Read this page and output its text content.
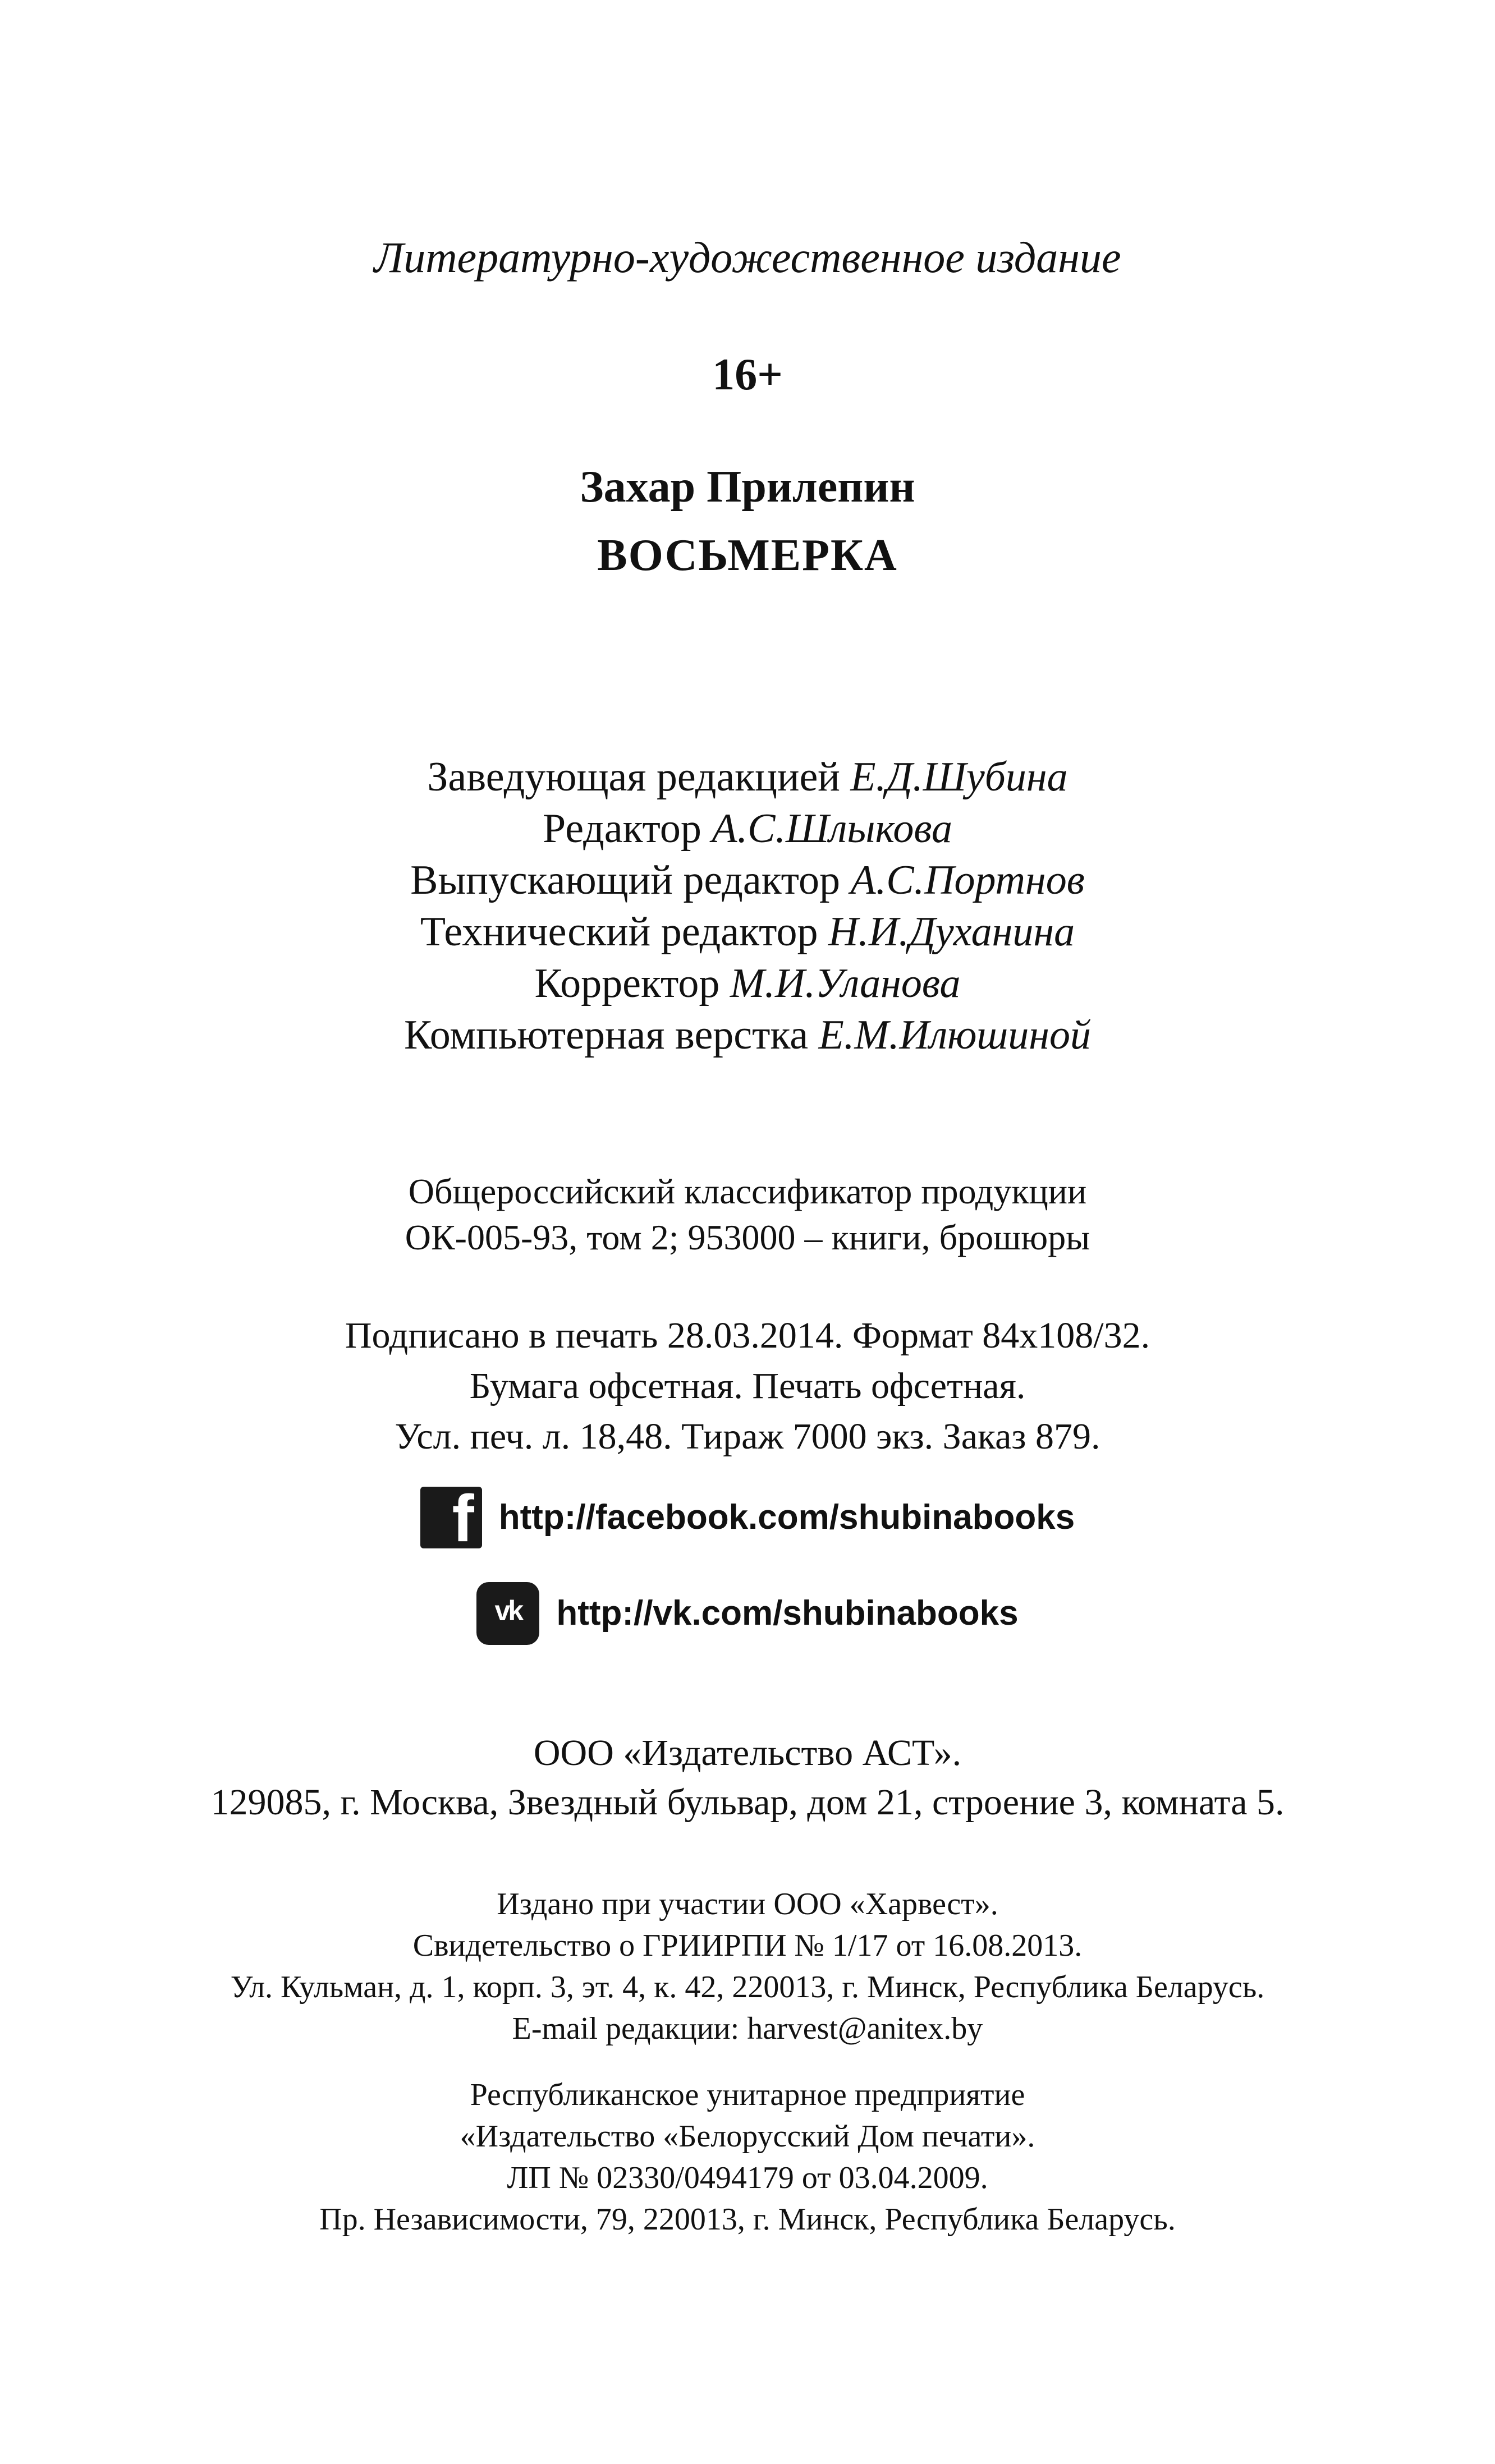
Литературно-художественное издание
16+
Захар Прилепин
ВОСЬМЕРКА
Заведующая редакцией Е.Д.Шубина
Редактор А.С.Шлыкова
Выпускающий редактор А.С.Портнов
Технический редактор Н.И.Духанина
Корректор М.И.Уланова
Компьютерная верстка Е.М.Илюшиной
Общероссийский классификатор продукции
ОК-005-93, том 2; 953000 – книги, брошюры
Подписано в печать 28.03.2014. Формат 84x108/32.
Бумага офсетная. Печать офсетная.
Усл. печ. л. 18,48. Тираж 7000 экз. Заказ 879.
f http://facebook.com/shubinabooks
vk	http://vk.com/shubinabooks
ООО «Издательство АСТ».
129085, г. Москва, Звездный бульвар, дом 21, строение 3, комната 5.
Издано при участии ООО «Харвест».
Свидетельство о ГРИИРПИ № 1/17 от 16.08.2013.
Ул. Кульман, д. 1, корп. 3, эт. 4, к. 42, 220013, г. Минск, Республика Беларусь.
E-mail редакции: harvest@anitex.by
Республиканское унитарное предприятие
«Издательство «Белорусский Дом печати».
ЛП № 02330/0494179 от 03.04.2009.
Пр. Независимости, 79, 220013, г. Минск, Республика Беларусь.
